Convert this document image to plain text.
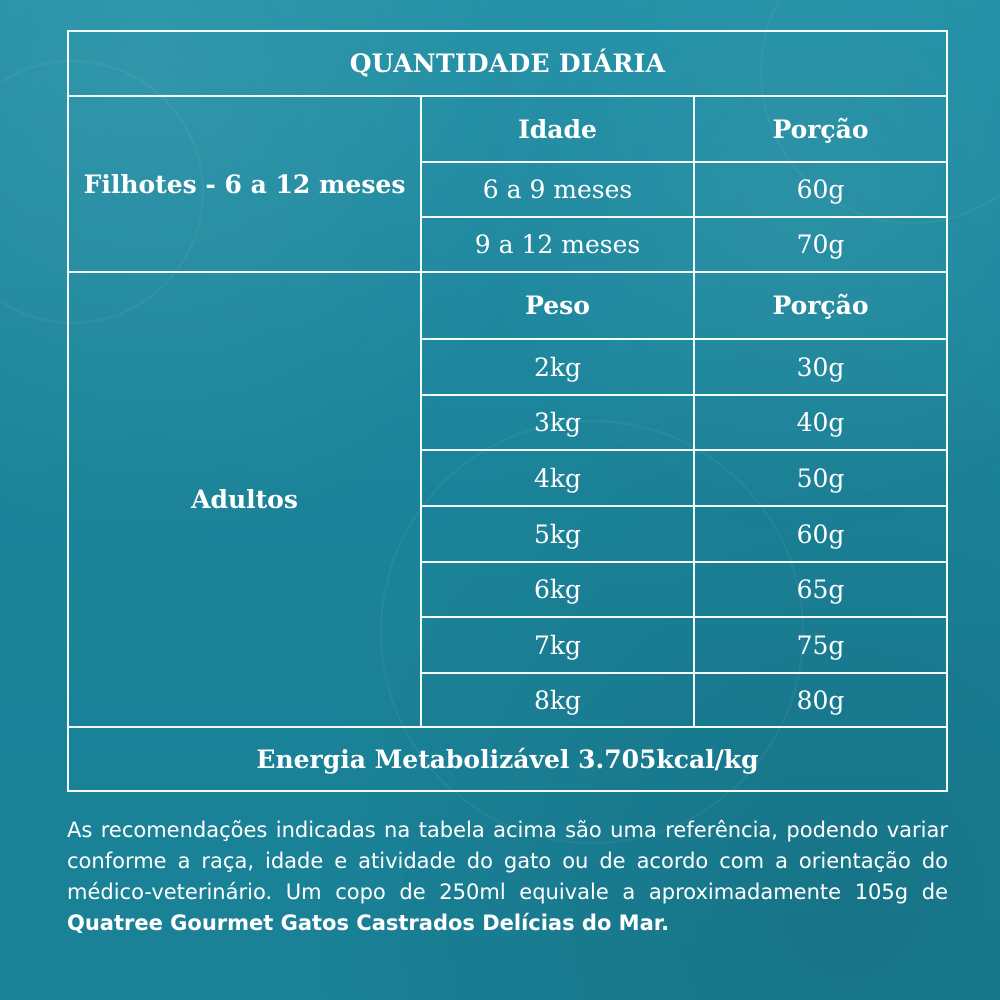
QUANTIDADE DIÁRIA
Filhotes - 6 a 12 meses
Idade	Porção
6 a 9 meses	60g
9 a 12 meses	70g
Adultos
Peso	Porção
2kg	30g
3kg	40g
4kg	50g
5kg	60g
6kg	65g
7kg	75g
8kg	80g
Energia Metabolizável 3.705kcal/kg
As recomendações indicadas na tabela acima são uma referência, podendo variar conforme a raça, idade e atividade do gato ou de acordo com a orientação do médico-veterinário. Um copo de 250ml equivale a aproximadamente 105g de Quatree Gourmet Gatos Castrados Delícias do Mar.
